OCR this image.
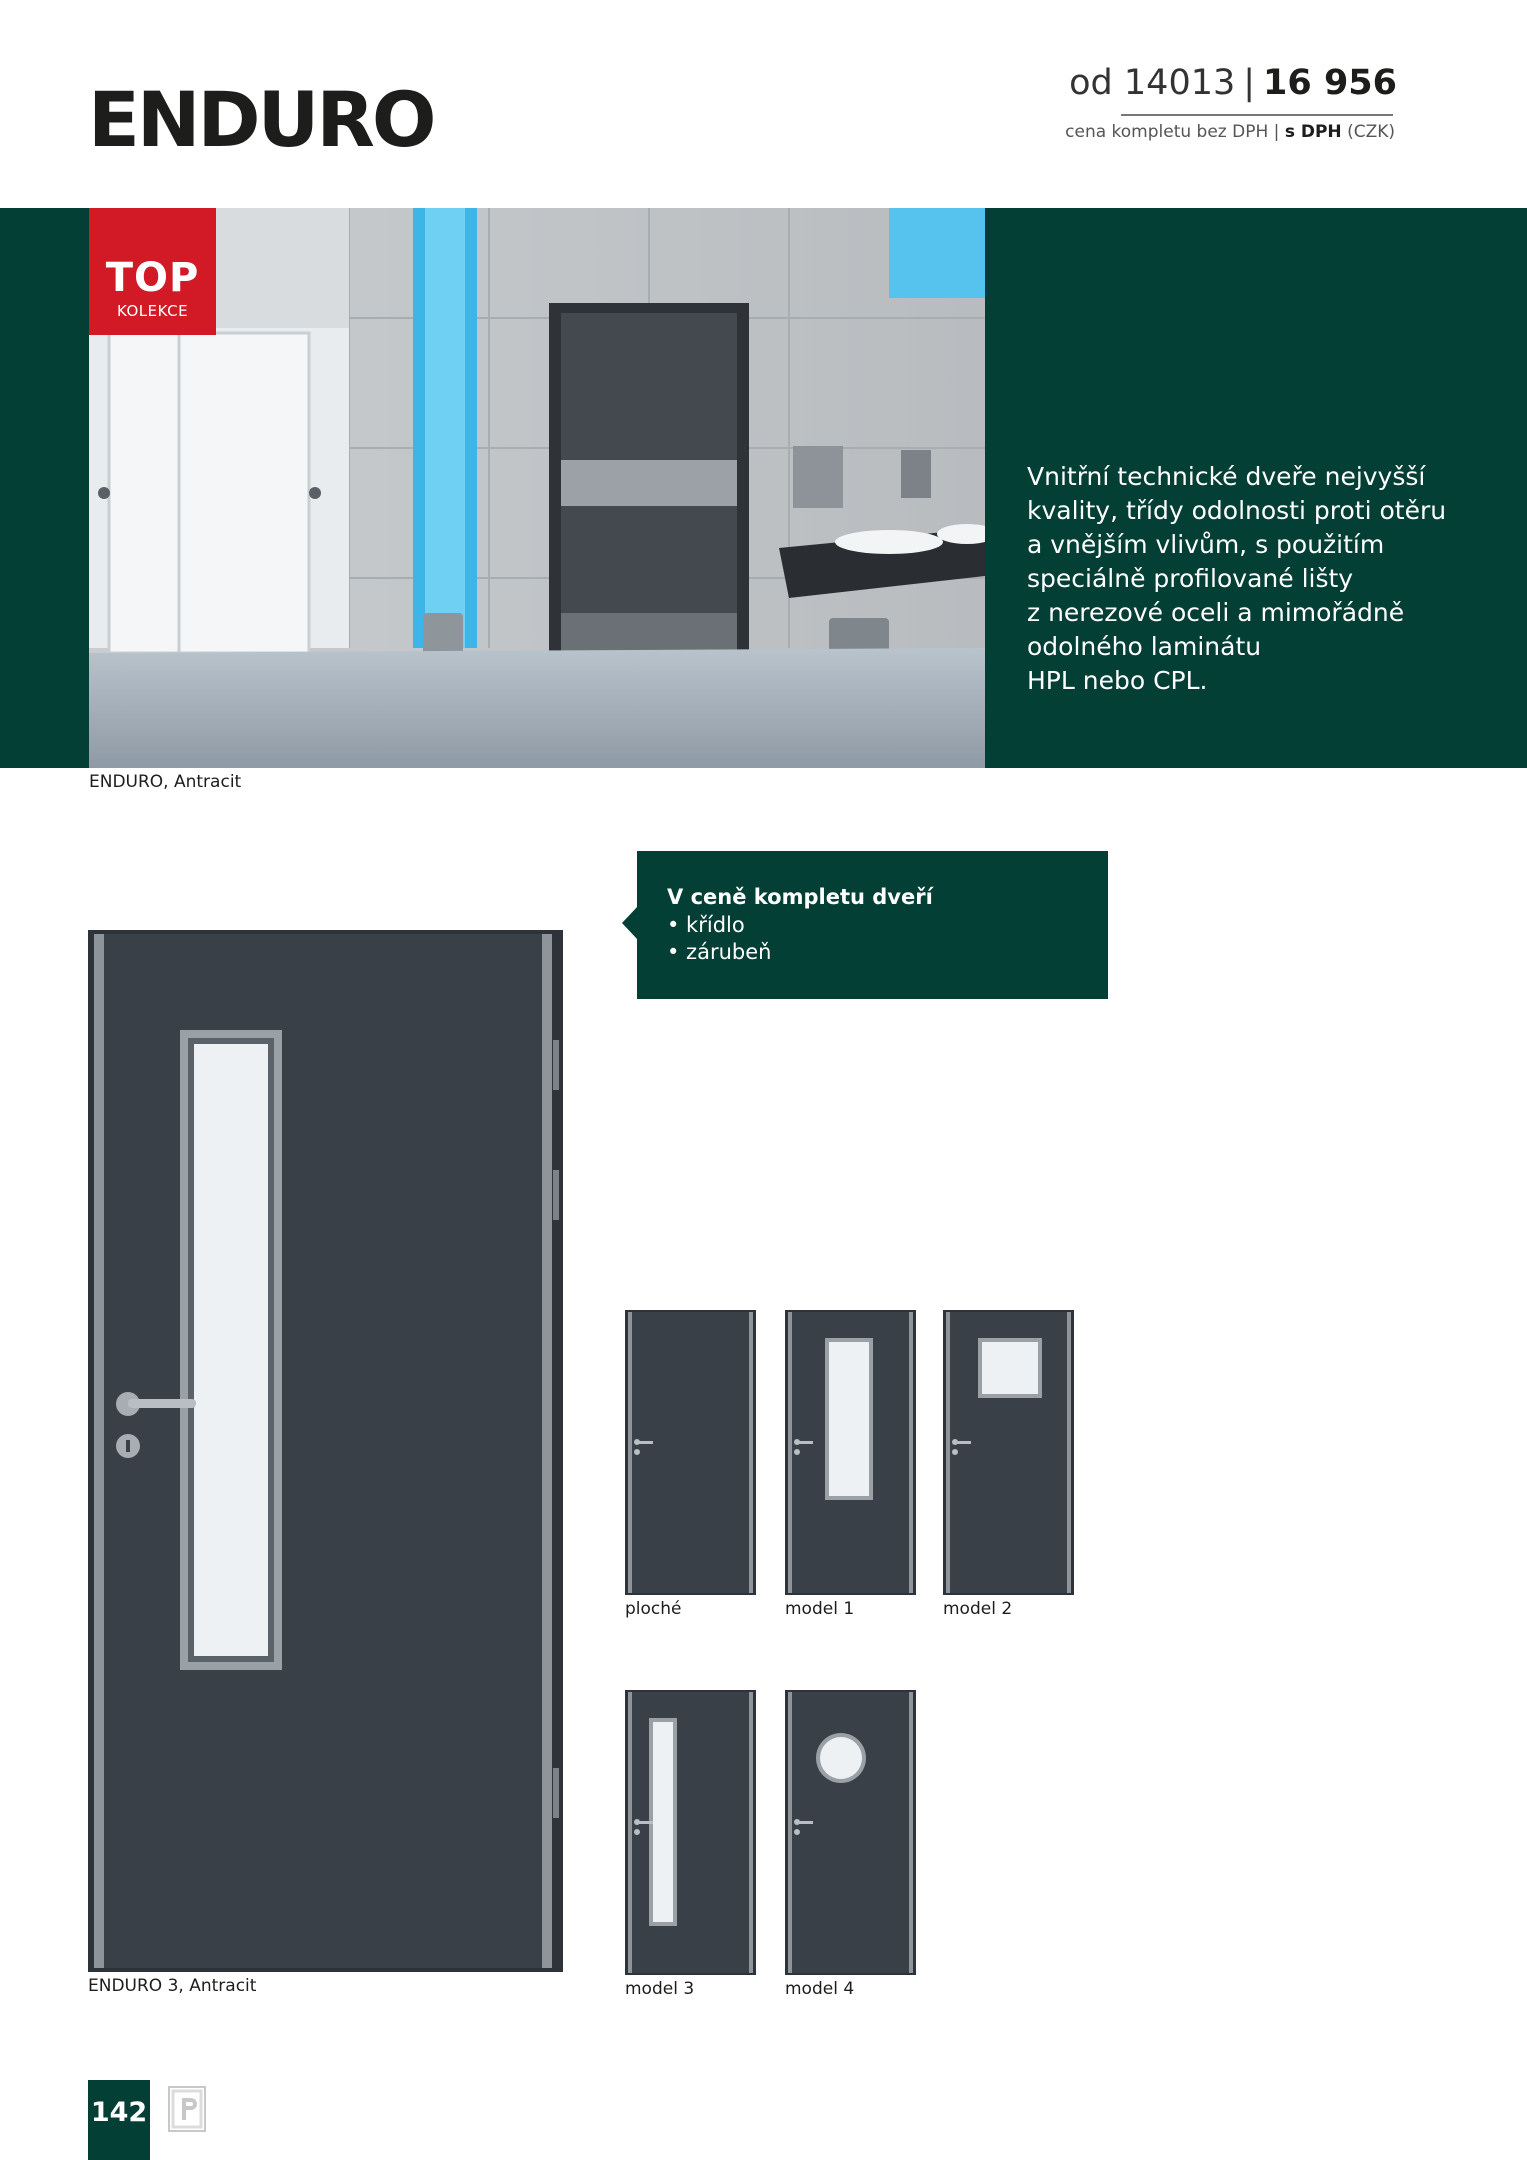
ENDURO	od 14013 | 16 956
cena kompletu bez DPH | s DPH (CZK)
TOP
KOLEKCE
Vnitřní technické dveře nejvyšší
kvality, třídy odolnosti proti otěru
a vnějším vlivům, s použitím
speciálně profilované lišty
z nerezové oceli a mimořádně
odolného laminátu
HPL nebo CPL.
ENDURO, Antracit
V ceně kompletu dveří
• křídlo
• zárubeň
ENDURO 3, Antracit
ploché	model 1	model 2
model 3	model 4
142
